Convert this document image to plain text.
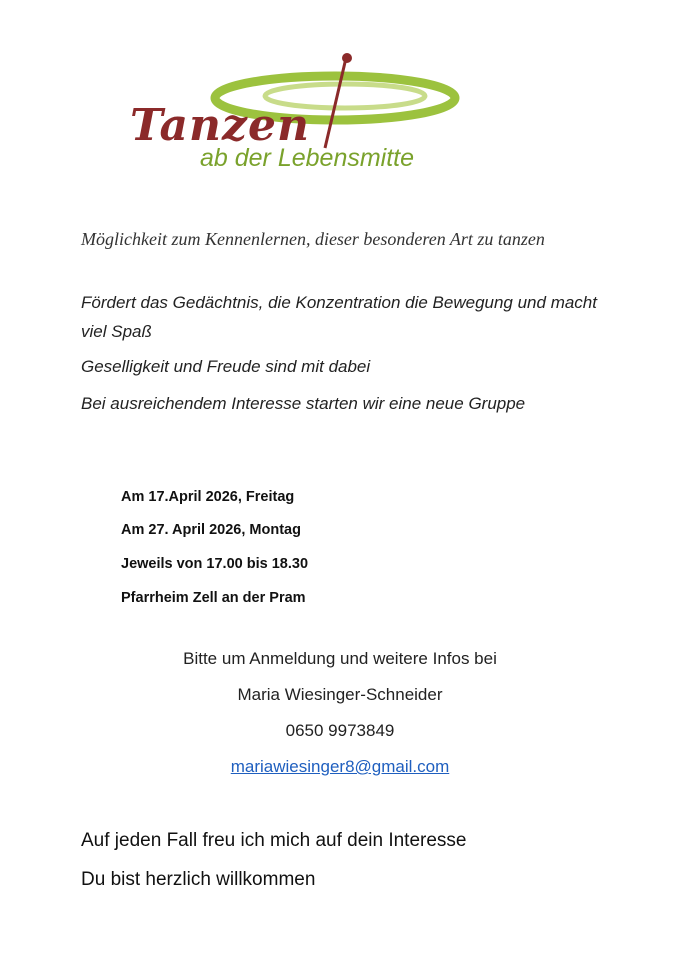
Tanzen
ab der Lebensmitte

Möglichkeit zum Kennenlernen, dieser besonderen Art zu tanzen

Fördert das Gedächtnis, die Konzentration die Bewegung und macht viel Spaß

Geselligkeit und Freude sind mit dabei

Bei ausreichendem Interesse starten wir eine neue Gruppe

Am 17.April 2026, Freitag

Am 27. April 2026, Montag

Jeweils von 17.00 bis 18.30

Pfarrheim Zell an der Pram

Bitte um Anmeldung und weitere Infos bei

Maria Wiesinger-Schneider

0650 9973849

mariawiesinger8@gmail.com

Auf jeden Fall freu ich mich auf dein Interesse

Du bist herzlich willkommen
